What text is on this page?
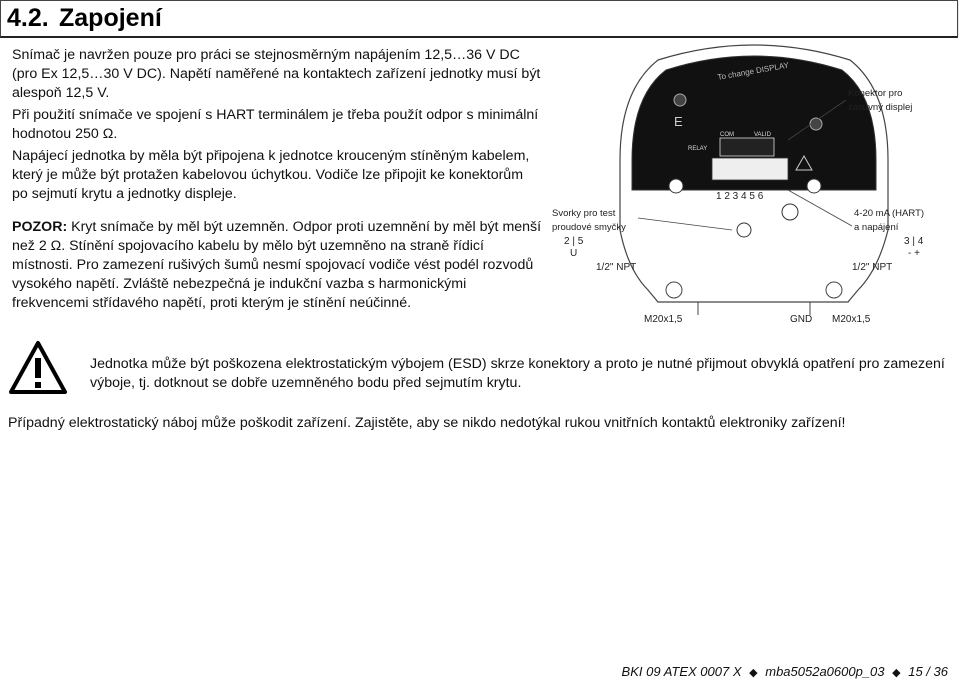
4.2. Zapojení

Snímač je navržen pouze pro práci se stejnosměrným napájením 12,5…36 V DC (pro Ex 12,5…30 V DC). Napětí naměřené na kontaktech zařízení jednotky musí být alespoň 12,5 V.

Při použití snímače ve spojení s HART terminálem je třeba použít odpor s minimální hodnotou 250 Ω.

Napájecí jednotka by měla být připojena k jednotce krouceným stíněným kabelem, který je může být protažen kabelovou úchytkou. Vodiče lze připojit ke konektorům po sejmutí krytu a jednotky displeje.

POZOR: Kryt snímače by měl být uzemněn. Odpor proti uzemnění by měl být menší než 2 Ω. Stínění spojovacího kabelu by mělo být uzemněno na straně řídicí místnosti. Pro zamezení rušivých šumů nesmí spojovací vodiče vést podél rozvodů vysokého napětí. Zvláště nebezpečná je indukční vazba s harmonickými frekvencemi střídavého napětí, proti kterým je stínění neúčinné.

To change DISPLAY
E
RELAY
COM	VALID
1 2 3 4 5 6
Konektor pro
zásuvný displej
Svorky pro test
proudové smyčky
2 | 5
U
1/2" NPT
4-20 mA (HART)
a napájení
3 | 4
- +
1/2" NPT
M20x1,5	GND M20x1,5
Jednotka může být poškozena elektrostatickým výbojem (ESD) skrze konektory a proto je nutné přijmout obvyklá opatření pro zamezení výboje, tj. dotknout se dobře uzemněného bodu před sejmutím krytu.
Případný elektrostatický náboj může poškodit zařízení. Zajistěte, aby se nikdo nedotýkal rukou vnitřních kontaktů elektroniky zařízení!
BKI 09 ATEX 0007 X ◆ mba5052a0600p_03 ◆ 15 / 36
